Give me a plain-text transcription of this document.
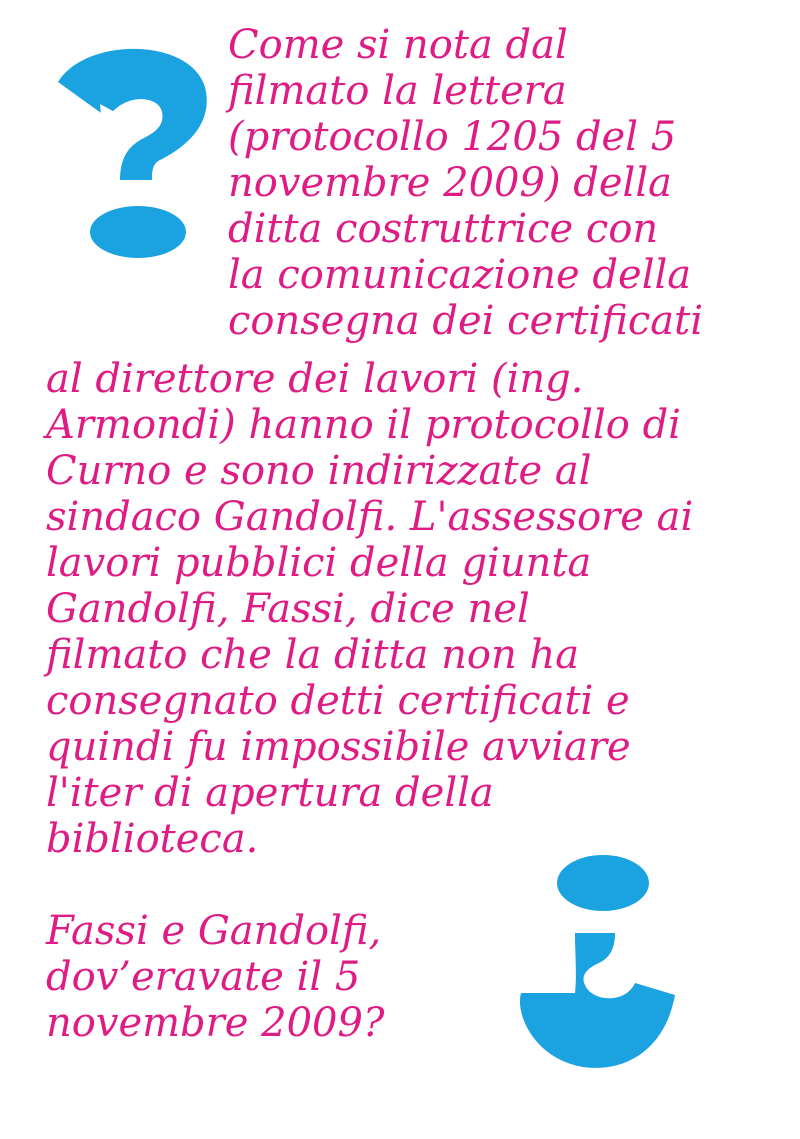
Come si nota dal
filmato la lettera
(protocollo 1205 del 5
novembre 2009) della
ditta costruttrice con
la comunicazione della
consegna dei certificati
al direttore dei lavori (ing.
Armondi) hanno il protocollo di
Curno e sono indirizzate al
sindaco Gandolfi. L'assessore ai
lavori pubblici della giunta
Gandolfi, Fassi, dice nel
filmato che la ditta non ha
consegnato detti certificati e
quindi fu impossibile avviare
l'iter di apertura della
biblioteca.
Fassi e Gandolfi,
dov’eravate il 5
novembre 2009?
